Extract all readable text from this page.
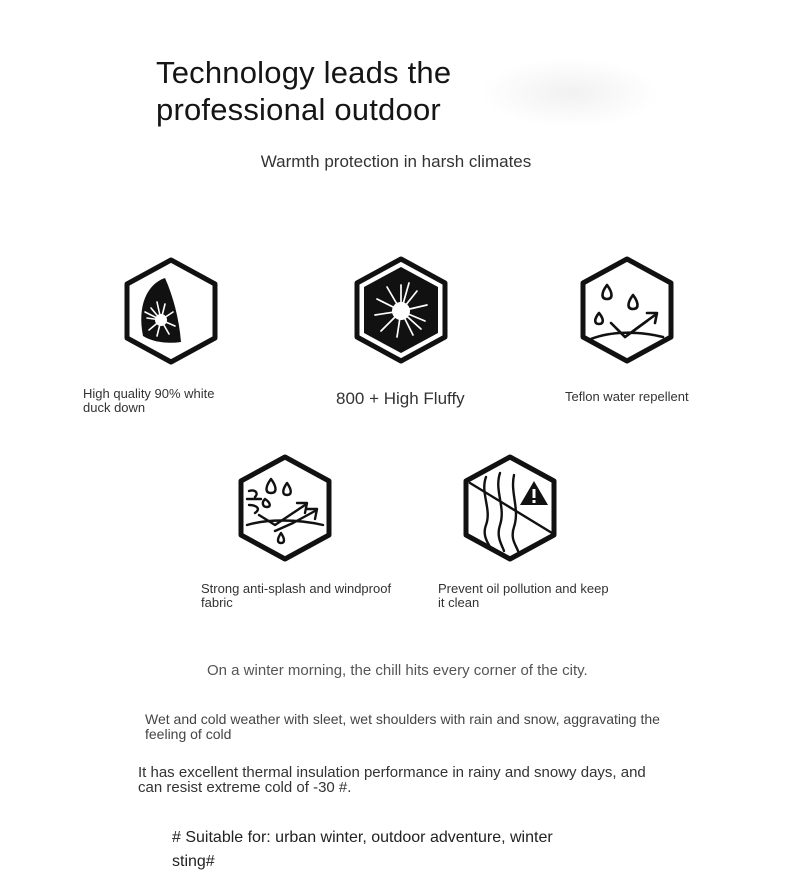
Technology leads the
professional outdoor
Warmth protection in harsh climates
High quality 90% white
duck down	800 + High Fluffy	Teflon water repellent
Strong anti-splash and windproof
fabric
Prevent oil pollution and keep
it clean
On a winter morning, the chill hits every corner of the city.
Wet and cold weather with sleet, wet shoulders with rain and snow, aggravating the
feeling of cold
It has excellent thermal insulation performance in rainy and snowy days, and
can resist extreme cold of -30 #.
# Suitable for: urban winter, outdoor adventure, winter
sting#
